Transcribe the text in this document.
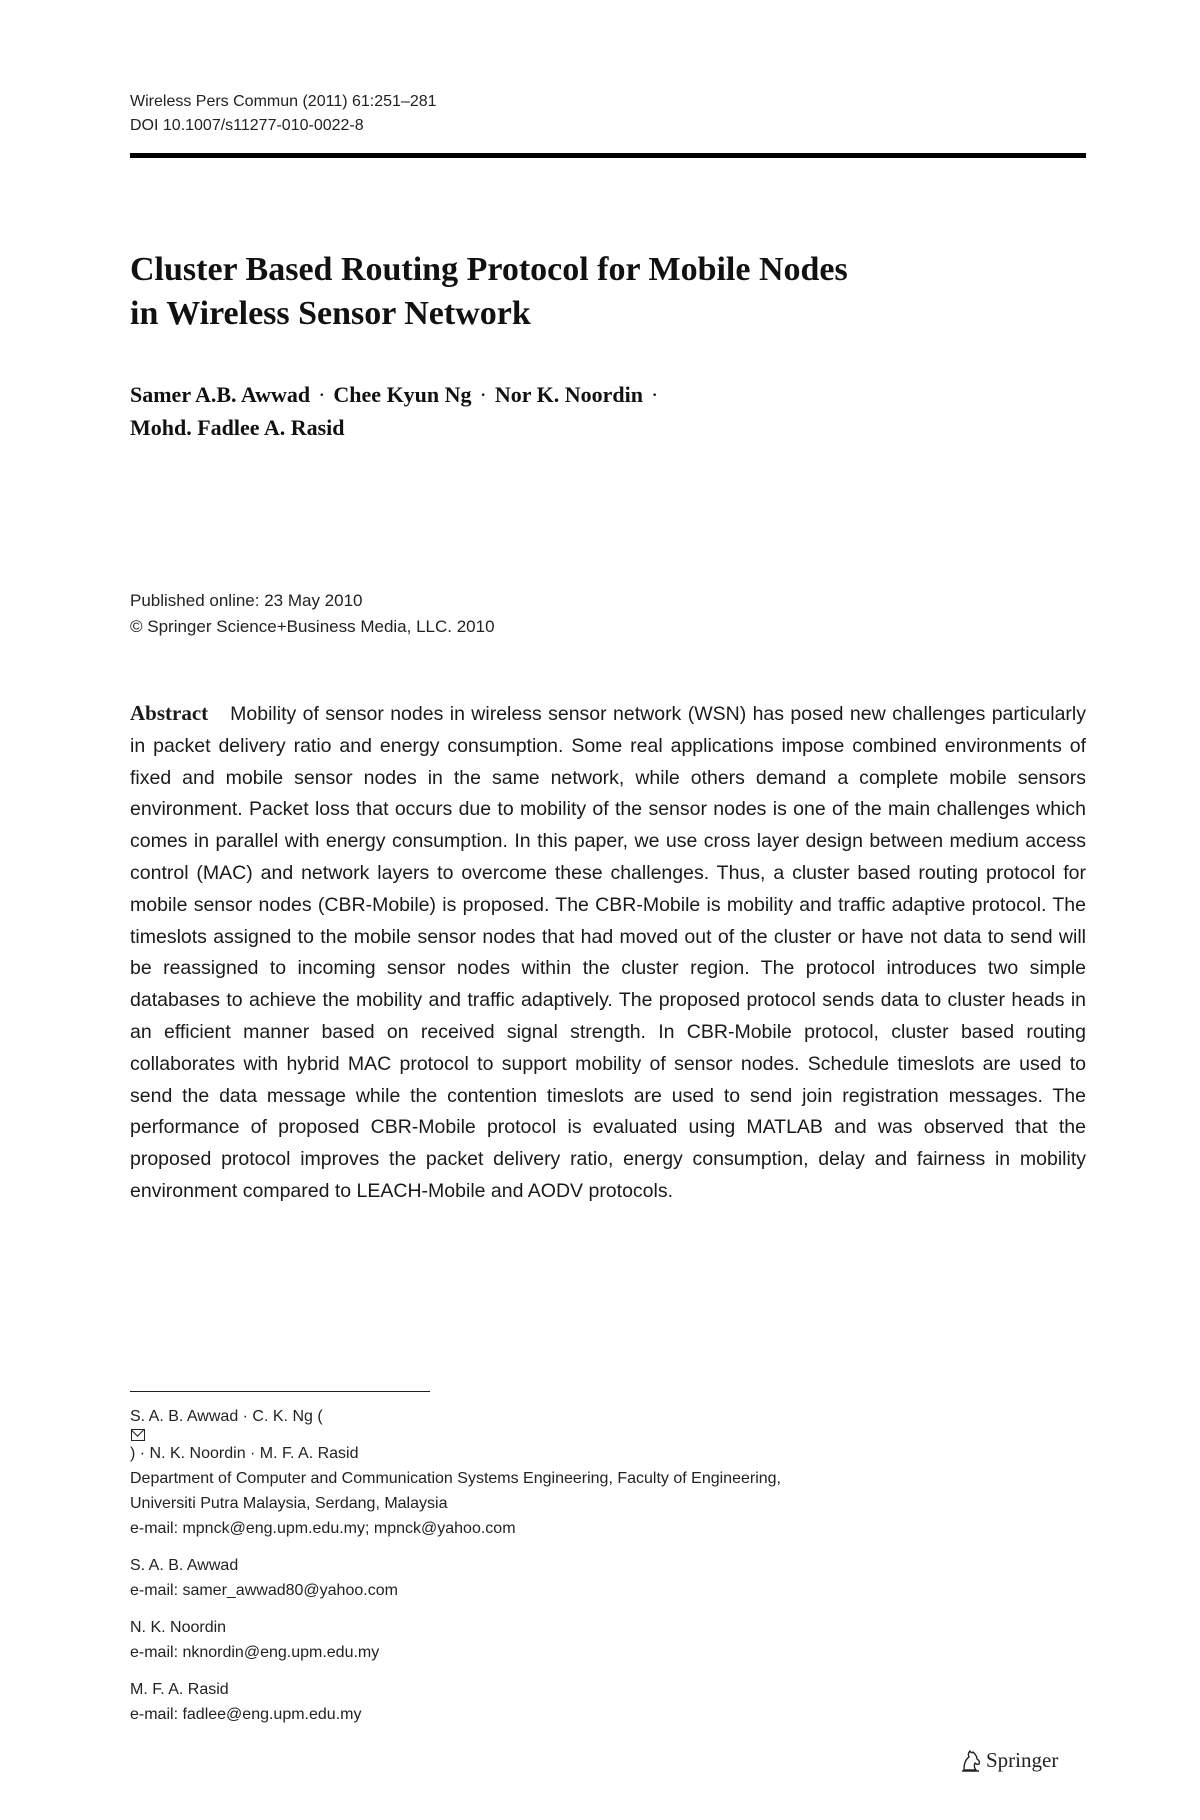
Wireless Pers Commun (2011) 61:251–281
DOI 10.1007/s11277-010-0022-8
Cluster Based Routing Protocol for Mobile Nodes
in Wireless Sensor Network
Samer A.B. Awwad · Chee Kyun Ng · Nor K. Noordin ·
Mohd. Fadlee A. Rasid
Published online: 23 May 2010
© Springer Science+Business Media, LLC. 2010

Abstract Mobility of sensor nodes in wireless sensor network (WSN) has posed new challenges particularly in packet delivery ratio and energy consumption. Some real applications impose combined environments of fixed and mobile sensor nodes in the same network, while others demand a complete mobile sensors environment. Packet loss that occurs due to mobility of the sensor nodes is one of the main challenges which comes in parallel with energy consumption. In this paper, we use cross layer design between medium access control (MAC) and network layers to overcome these challenges. Thus, a cluster based routing protocol for mobile sensor nodes (CBR-Mobile) is proposed. The CBR-Mobile is mobility and traffic adaptive protocol. The timeslots assigned to the mobile sensor nodes that had moved out of the cluster or have not data to send will be reassigned to incoming sensor nodes within the cluster region. The protocol introduces two simple databases to achieve the mobility and traffic adaptively. The proposed protocol sends data to cluster heads in an efficient manner based on received signal strength. In CBR-Mobile protocol, cluster based routing collaborates with hybrid MAC protocol to support mobility of sensor nodes. Schedule timeslots are used to send the data message while the contention timeslots are used to send join registration messages. The performance of proposed CBR-Mobile protocol is evaluated using MATLAB and was observed that the proposed protocol improves the packet delivery ratio, energy consumption, delay and fairness in mobility environment compared to LEACH-Mobile and AODV protocols.

S. A. B. Awwad · C. K. Ng (
) · N. K. Noordin · M. F. A. Rasid
Department of Computer and Communication Systems Engineering, Faculty of Engineering,
Universiti Putra Malaysia, Serdang, Malaysia
e-mail: mpnck@eng.upm.edu.my; mpnck@yahoo.com
S. A. B. Awwad
e-mail: samer_awwad80@yahoo.com
N. K. Noordin
e-mail: nknordin@eng.upm.edu.my
M. F. A. Rasid
e-mail: fadlee@eng.upm.edu.my
Springer
